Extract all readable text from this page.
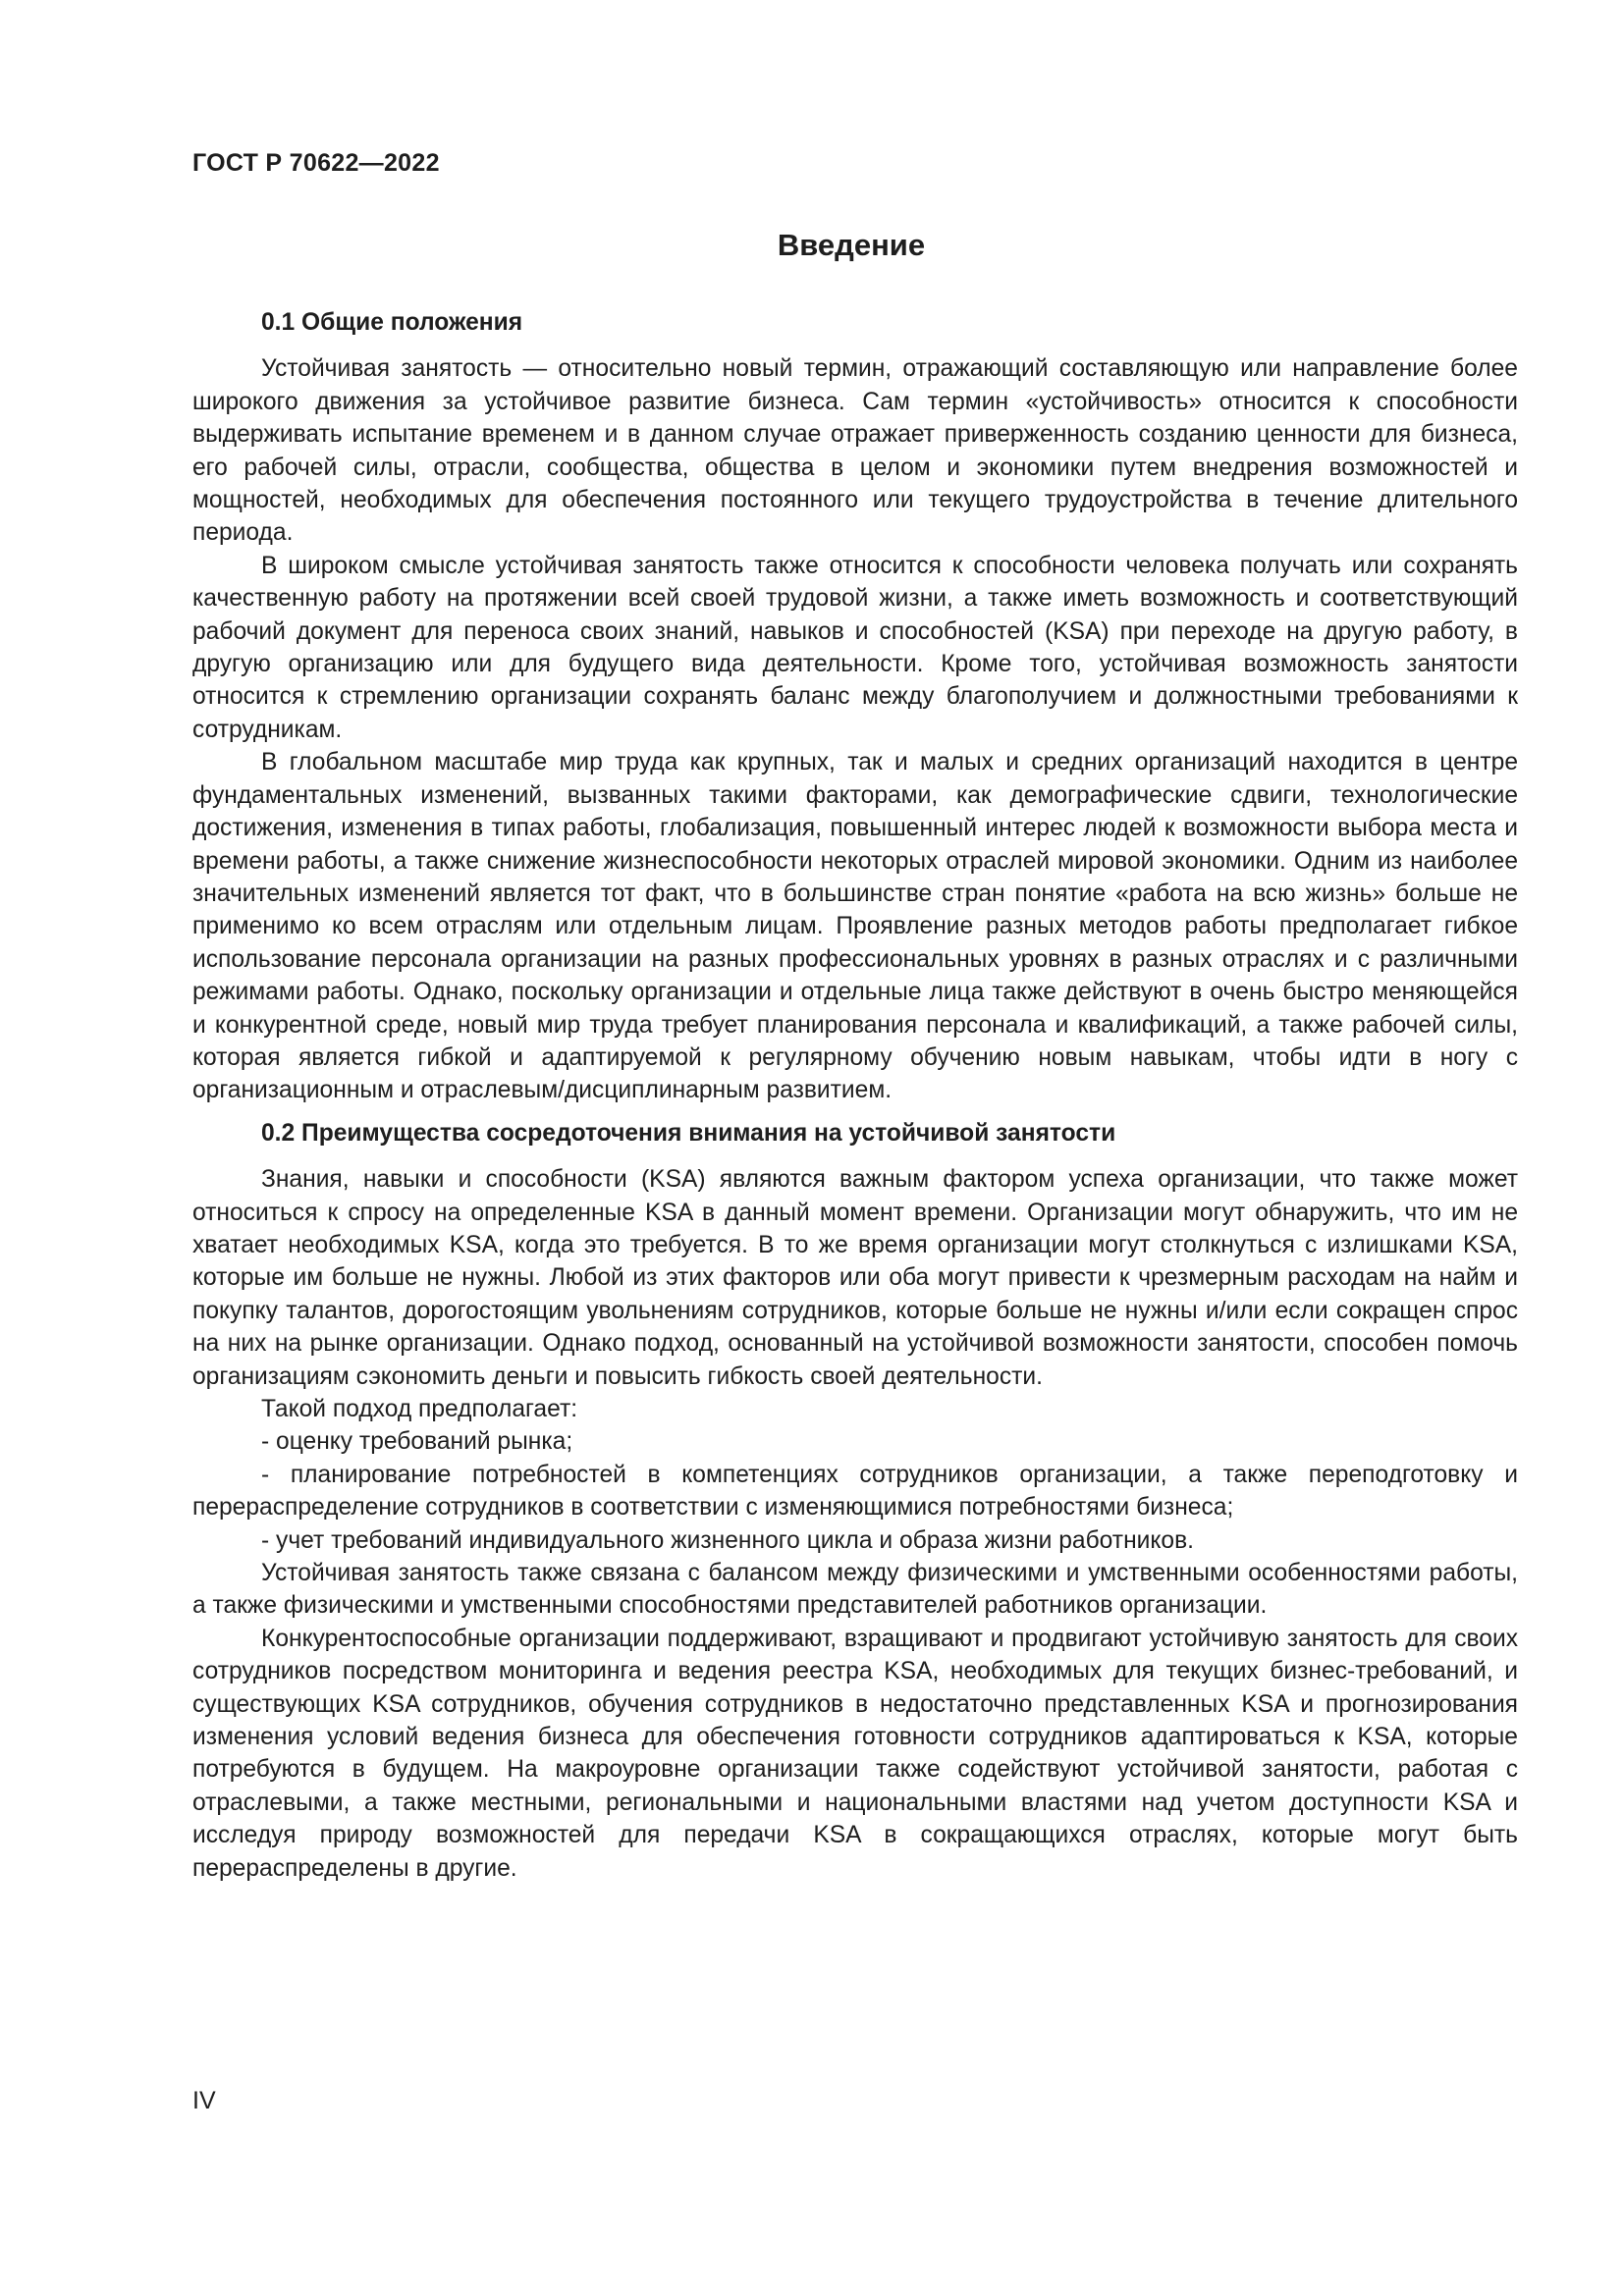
ГОСТ Р 70622—2022
Введение
0.1 Общие положения

Устойчивая занятость — относительно новый термин, отражающий составляющую или направление более широкого движения за устойчивое развитие бизнеса. Сам термин «устойчивость» относится к способности выдерживать испытание временем и в данном случае отражает приверженность созданию ценности для бизнеса, его рабочей силы, отрасли, сообщества, общества в целом и экономики путем внедрения возможностей и мощностей, необходимых для обеспечения постоянного или текущего трудоустройства в течение длительного периода.

В широком смысле устойчивая занятость также относится к способности человека получать или сохранять качественную работу на протяжении всей своей трудовой жизни, а также иметь возможность и соответствующий рабочий документ для переноса своих знаний, навыков и способностей (KSA) при переходе на другую работу, в другую организацию или для будущего вида деятельности. Кроме того, устойчивая возможность занятости относится к стремлению организации сохранять баланс между благополучием и должностными требованиями к сотрудникам.

В глобальном масштабе мир труда как крупных, так и малых и средних организаций находится в центре фундаментальных изменений, вызванных такими факторами, как демографические сдвиги, технологические достижения, изменения в типах работы, глобализация, повышенный интерес людей к возможности выбора места и времени работы, а также снижение жизнеспособности некоторых отраслей мировой экономики. Одним из наиболее значительных изменений является тот факт, что в большинстве стран понятие «работа на всю жизнь» больше не применимо ко всем отраслям или отдельным лицам. Проявление разных методов работы предполагает гибкое использование персонала организации на разных профессиональных уровнях в разных отраслях и с различными режимами работы. Однако, поскольку организации и отдельные лица также действуют в очень быстро меняющейся и конкурентной среде, новый мир труда требует планирования персонала и квалификаций, а также рабочей силы, которая является гибкой и адаптируемой к регулярному обучению новым навыкам, чтобы идти в ногу с организационным и отраслевым/дисциплинарным развитием.

0.2 Преимущества сосредоточения внимания на устойчивой занятости

Знания, навыки и способности (KSA) являются важным фактором успеха организации, что также может относиться к спросу на определенные KSA в данный момент времени. Организации могут обнаружить, что им не хватает необходимых KSA, когда это требуется. В то же время организации могут столкнуться с излишками KSA, которые им больше не нужны. Любой из этих факторов или оба могут привести к чрезмерным расходам на найм и покупку талантов, дорогостоящим увольнениям сотрудников, которые больше не нужны и/или если сокращен спрос на них на рынке организации. Однако подход, основанный на устойчивой возможности занятости, способен помочь организациям сэкономить деньги и повысить гибкость своей деятельности.

Такой подход предполагает:

- оценку требований рынка;
- планирование потребностей в компетенциях сотрудников организации, а также переподготовку и перераспределение сотрудников в соответствии с изменяющимися потребностями бизнеса;
- учет требований индивидуального жизненного цикла и образа жизни работников.

Устойчивая занятость также связана с балансом между физическими и умственными особенностями работы, а также физическими и умственными способностями представителей работников организации.

Конкурентоспособные организации поддерживают, взращивают и продвигают устойчивую занятость для своих сотрудников посредством мониторинга и ведения реестра KSA, необходимых для текущих бизнес-требований, и существующих KSA сотрудников, обучения сотрудников в недостаточно представленных KSA и прогнозирования изменения условий ведения бизнеса для обеспечения готовности сотрудников адаптироваться к KSA, которые потребуются в будущем. На макроуровне организации также содействуют устойчивой занятости, работая с отраслевыми, а также местными, региональными и национальными властями над учетом доступности KSA и исследуя природу возможностей для передачи KSA в сокращающихся отраслях, которые могут быть перераспределены в другие.

IV
